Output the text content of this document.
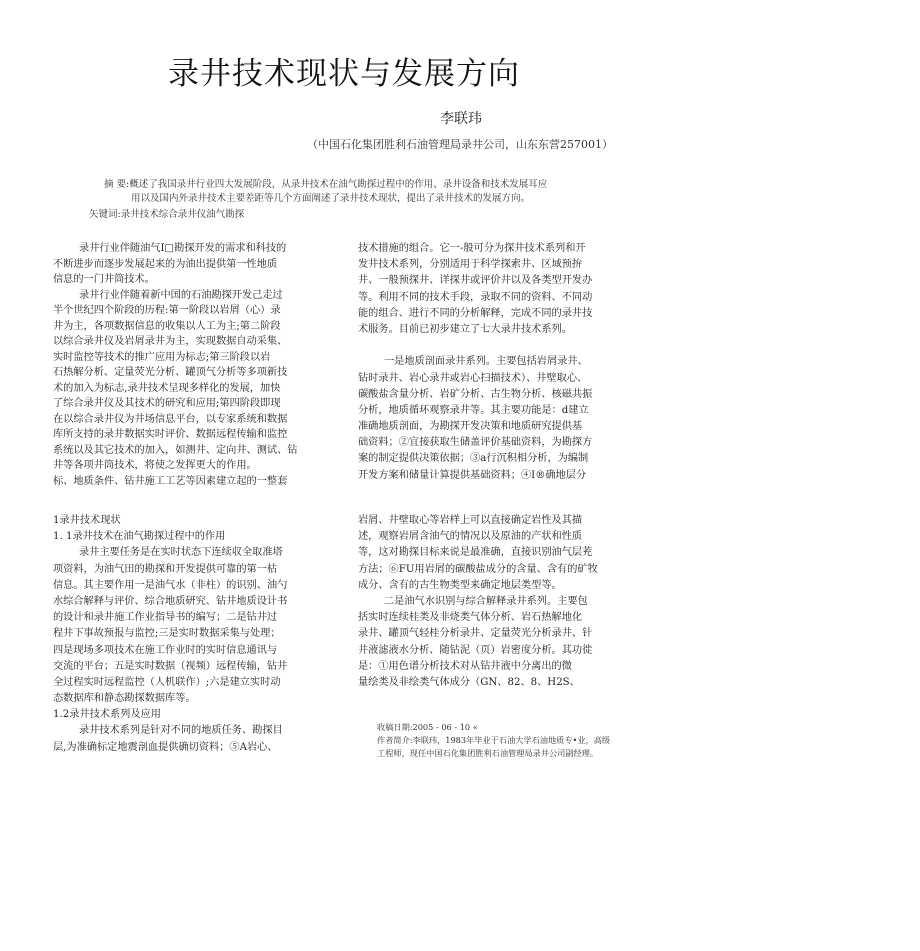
录井技术现状与发展方向
李联玮
（中国石化集团胜利石油管理局录井公司，山东东营257001）
摘 要:概述了我国录井行业四大发展阶段，从录井技术在油气勘探过程中的作用、录井设备和技术发展耳应
用以及国内外录井技术主要差距等几个方面阐述了录井技术现状，提出了录井技术的发展方向。
矢键词:录井技术综合录井仪油气勘探
录井行业伴随油气I□勘探开发的需求和科技的
不断进步而逐步发展起来的为油出提供第一性地质
信息的一门井筒技术。
录井行业伴随着新中国的石油勘探开发己走过
半个世纪四个阶段的历程:第一阶段以岩屑（心）录
井为主，各项数据信息的收集以人工为主;第二阶段
以综合录井仪及岩屑录井为主，实现数据自动采集、
实时监控等技术的推广应用为标志;第三阶段以岩
石热解分析、定量荧光分析、罐顶气分析等多项新技
术的加入为标志,录井技术呈现多样化的发展，加快
了综合录井仪及其技术的研究和应用;第四阶段即现
在以综合录井仪为井场信息平台，以专家系统和数据
库所支持的录井数据实时评价、数据远程传输和监控
系统以及其它技术的加入，如测井、定向井、测试、钻
井等各项井筒技术，将使之发挥更大的作用。
标、地质条件、钻井施工工艺等因素建立起的一整套
技术措施的组合。它一-般可分为探井技术系列和开
发井技术系列，分别适用于科学探索井、区域预拚
井、一般预探井、详探井或评价井以及各类型开发办
等。利用不同的技术手段，录取不同的资料、不同动
能的组合、进行不同的分析解释，完成不同的录井技
术服务。目前已初步建立了七大录井技术系列。
一是地质剖面录井系列。主要包括岩屑录井、
钻时录井、岩心录井或岩心扫描技术）、井壁取心、
碳酸盐含量分析、岩矿分析、古生物分析、核磁共振
分析，地质循环观察录井等。其主要功能是：d建立
准确地质剖面，为勘探开发决策和地质研究提供基
础资料；②宜接获取生储盖评价基础资料，为勘探方
案的制定提供决策依据；③a行沉积相分析，为编制
开发方案和储量计算提供基础资料；④I®确地层分
1录井技术现状
1. 1录井技术在油气勘探过程中的作用
录井主要任务是在实时状态下连续収全取准塔
项资料，为油气田的勘探和开发提供可靠的第一枯
信息。其主要作用一是油气水（非柱）的识别、油勺
水综合解释与评价、综合地质研究、钻井地质设计书
的设计和录井施工作业指导书的编写；二是钻井过
程井下事故预报与监控;三是实时数据采集与处理；
四是现场多项技术在施工作业时的实时信息通讯与
交流的平台；五是实时数据（视频）远程传输，钻井
全过程实时远程监控（人机联作）;六是建立实时动
态数据库和静态勘探数据库等。
1.2录井技术系列及应用
录井技术系列是针对不同的地质任务、勘探目
层,为准确标定地震剖血提供确切资料；⑤A岩心、
岩屑、井壁取心等岩样上可以直接确定岩性及其描
述，观察岩屑含油气的情况以及原油的产状和性质
等，这对勘探目标来说是最准确，直接识别油气层茺
方法；⑥FU用岩屑的碳酸盐成分的含量、含有的矿牧
成分、含有的古生物类型来确定地层类型等。
二是油气水识别与综合解释录井系列。主要包
括实时连续桂类及非烧类气体分析、岩石热解地化
录井、罐顶气轻桂分析录井、定量荧光分析录井、针
井液滤液水分析、随钻泥（页）岩密度分析。其功徙
是：①用色谱分析技术对从钻井液中分离出的微
量绘类及非绘类气体成分（GN、82、8、H2S、
收稿日期:2005 - 06 - 10 «
作者简介:李联玮，1983年毕业于石油大学石油地质专•业，高级
工程师，现任中国石化集团胜利石油管理局录井公司副经理。
